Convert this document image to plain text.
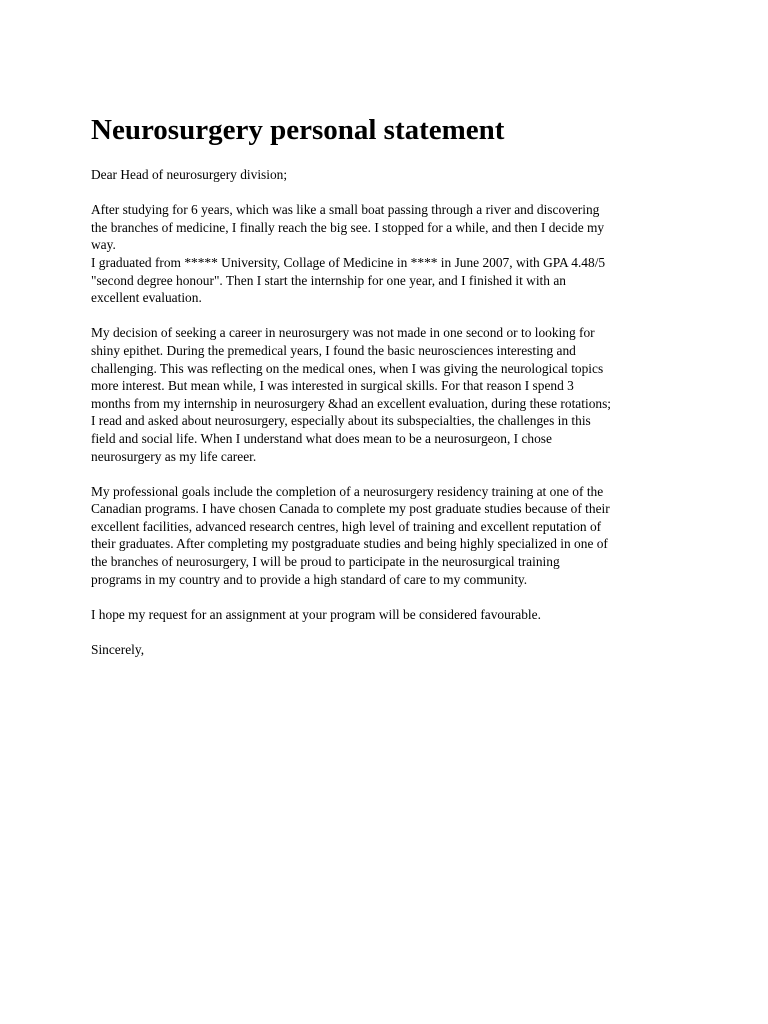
Neurosurgery personal statement

Dear Head of neurosurgery division;

After studying for 6 years, which was like a small boat passing through a river and discovering
the branches of medicine, I finally reach the big see. I stopped for a while, and then I decide my
way.
I graduated from ***** University, Collage of Medicine in **** in June 2007, with GPA 4.48/5
"second degree honour". Then I start the internship for one year, and I finished it with an
excellent evaluation.

My decision of seeking a career in neurosurgery was not made in one second or to looking for
shiny epithet. During the premedical years, I found the basic neurosciences interesting and
challenging. This was reflecting on the medical ones, when I was giving the neurological topics
more interest. But mean while, I was interested in surgical skills. For that reason I spend 3
months from my internship in neurosurgery &had an excellent evaluation, during these rotations;
I read and asked about neurosurgery, especially about its subspecialties, the challenges in this
field and social life. When I understand what does mean to be a neurosurgeon, I chose
neurosurgery as my life career.

My professional goals include the completion of a neurosurgery residency training at one of the
Canadian programs. I have chosen Canada to complete my post graduate studies because of their
excellent facilities, advanced research centres, high level of training and excellent reputation of
their graduates. After completing my postgraduate studies and being highly specialized in one of
the branches of neurosurgery, I will be proud to participate in the neurosurgical training
programs in my country and to provide a high standard of care to my community.

I hope my request for an assignment at your program will be considered favourable.

Sincerely,
